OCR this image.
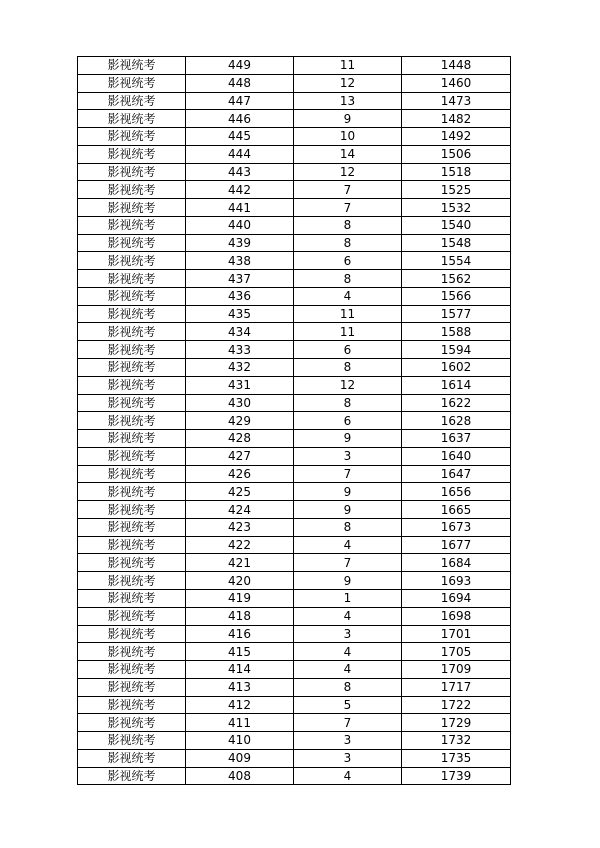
影视统考	449	11	1448
影视统考	448	12	1460
影视统考	447	13	1473
影视统考	446	9	1482
影视统考	445	10	1492
影视统考	444	14	1506
影视统考	443	12	1518
影视统考	442	7	1525
影视统考	441	7	1532
影视统考	440	8	1540
影视统考	439	8	1548
影视统考	438	6	1554
影视统考	437	8	1562
影视统考	436	4	1566
影视统考	435	11	1577
影视统考	434	11	1588
影视统考	433	6	1594
影视统考	432	8	1602
影视统考	431	12	1614
影视统考	430	8	1622
影视统考	429	6	1628
影视统考	428	9	1637
影视统考	427	3	1640
影视统考	426	7	1647
影视统考	425	9	1656
影视统考	424	9	1665
影视统考	423	8	1673
影视统考	422	4	1677
影视统考	421	7	1684
影视统考	420	9	1693
影视统考	419	1	1694
影视统考	418	4	1698
影视统考	416	3	1701
影视统考	415	4	1705
影视统考	414	4	1709
影视统考	413	8	1717
影视统考	412	5	1722
影视统考	411	7	1729
影视统考	410	3	1732
影视统考	409	3	1735
影视统考	408	4	1739
